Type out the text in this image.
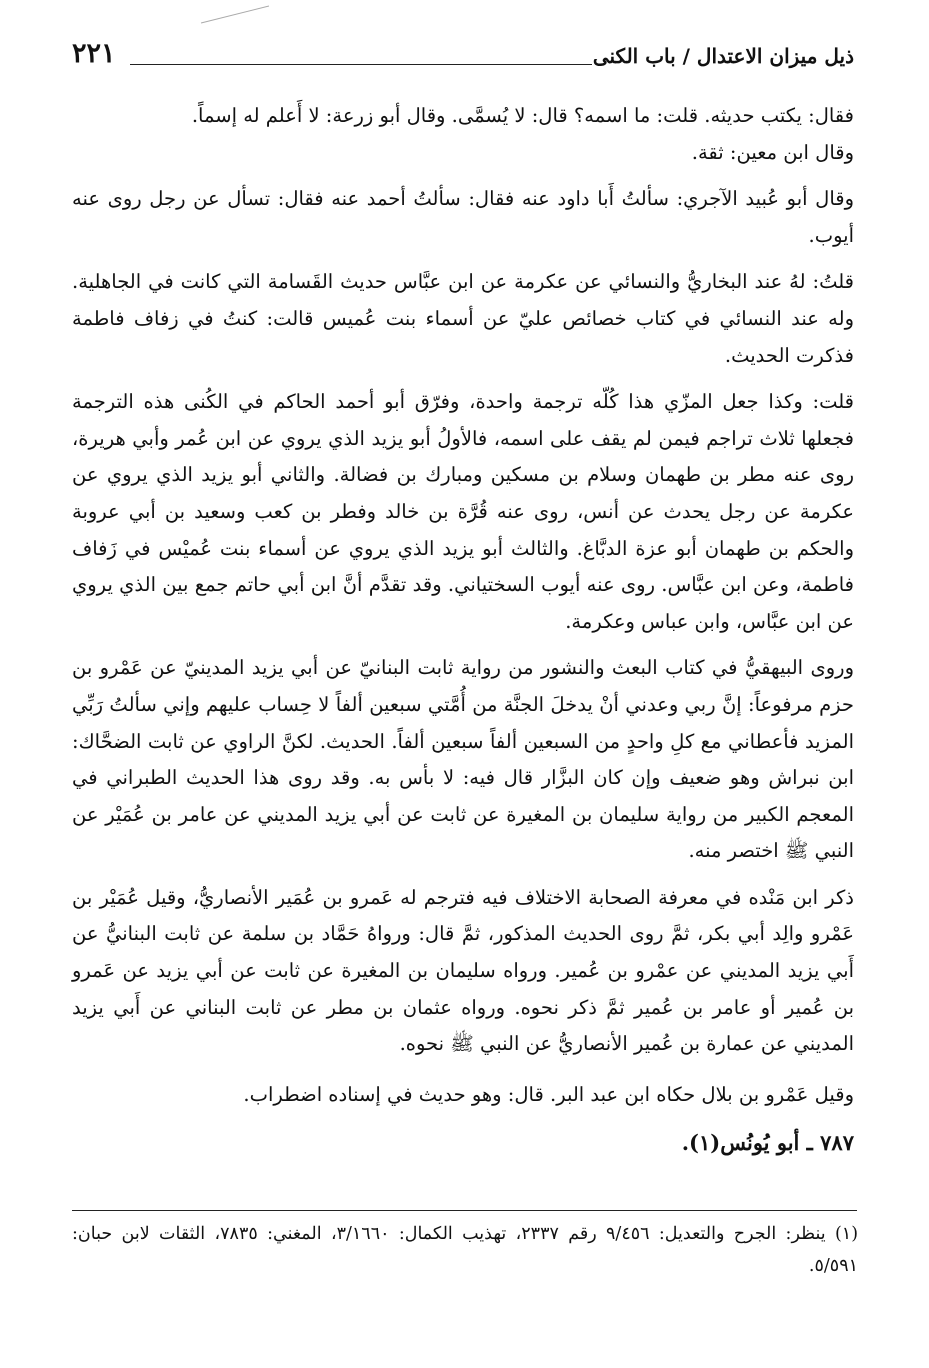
٢٢١	ذيل ميزان الاعتدال / باب الكنى

فقال: يكتب حديثه. قلت: ما اسمه؟ قال: لا يُسمَّى. وقال أبو زرعة: لا أَعلم له إسماً.

وقال ابن معين: ثقة.

وقال أبو عُبيد الآجري: سألتُ أَبا داود عنه فقال: سألتُ أحمد عنه فقال: تسأل عن رجل روى عنه أيوب.

قلتُ: لهُ عند البخاريُّ والنسائي عن عكرمة عن ابن عبَّاس حديث القَسامة التي كانت في الجاهلية. وله عند النسائي في كتاب خصائص عليّ عن أسماء بنت عُميس قالت: كنتُ في زفاف فاطمة فذكرت الحديث.

قلت: وكذا جعل المزّي هذا كُلّه ترجمة واحدة، وفرّق أبو أحمد الحاكم في الكُنى هذه الترجمة فجعلها ثلاث تراجم فيمن لم يقف على اسمه، فالأولُ أبو يزيد الذي يروي عن ابن عُمر وأبي هريرة، روى عنه مطر بن طهمان وسلام بن مسكين ومبارك بن فضالة. والثاني أبو يزيد الذي يروي عن عكرمة عن رجل يحدث عن أنس، روى عنه قُرَّة بن خالد وفطر بن كعب وسعيد بن أبي عروبة والحكم بن طهمان أبو عزة الدبَّاغ. والثالث أبو يزيد الذي يروي عن أسماء بنت عُميْس في زَفاف فاطمة، وعن ابن عبَّاس. روى عنه أيوب السختياني. وقد تقدَّم أنَّ ابن أبي حاتم جمع بين الذي يروي عن ابن عبَّاس، وابن عباس وعكرمة.

وروى البيهقيُّ في كتاب البعث والنشور من رواية ثابت البنانيّ عن أبي يزيد المدينيّ عن عَمْرو بن حزم مرفوعاً: إنَّ ربي وعدني أنْ يدخلَ الجنَّة من أُمَّتي سبعين ألفاً لا حِساب عليهم وإني سألتُ رَبِّي المزيد فأعطاني مع كلِ واحدٍ من السبعين ألفاً سبعين ألفاً. الحديث. لكنَّ الراوي عن ثابت الضحَّاك: ابن نبراش وهو ضعيف وإن كان البزَّار قال فيه: لا بأس به. وقد روى هذا الحديث الطبراني في المعجم الكبير من رواية سليمان بن المغيرة عن ثابت عن أبي يزيد المديني عن عامر بن عُمَيْر عن النبي ﷺ اختصر منه.

ذكر ابن مَنْده في معرفة الصحابة الاختلاف فيه فترجم له عَمرو بن عُمَير الأنصاريُّ، وقيل عُمَيْر بن عَمْرو والِد أبي بكر، ثمَّ روى الحديث المذكور، ثمَّ قال: ورواهُ حَمَّاد بن سلمة عن ثابت البنانيُّ عن أَبي يزيد المديني عن عمْرو بن عُمير. ورواه سليمان بن المغيرة عن ثابت عن أبي يزيد عن عَمرو بن عُمير أو عامر بن عُمير ثمَّ ذكر نحوه. ورواه عثمان بن مطر عن ثابت البناني عن أَبي يزيد المديني عن عمارة بن عُمير الأنصاريُّ عن النبي ﷺ نحوه.

وقيل عَمْرو بن بلال حكاه ابن عبد البر. قال: وهو حديث في إسناده اضطراب.

٧٨٧ ـ أبو يُونُس(١).

(١) ينظر: الجرح والتعديل: ٩/٤٥٦ رقم ٢٣٣٧، تهذيب الكمال: ٣/١٦٦٠، المغني: ٧٨٣٥، الثقات لابن حبان: ٥/٥٩١.
